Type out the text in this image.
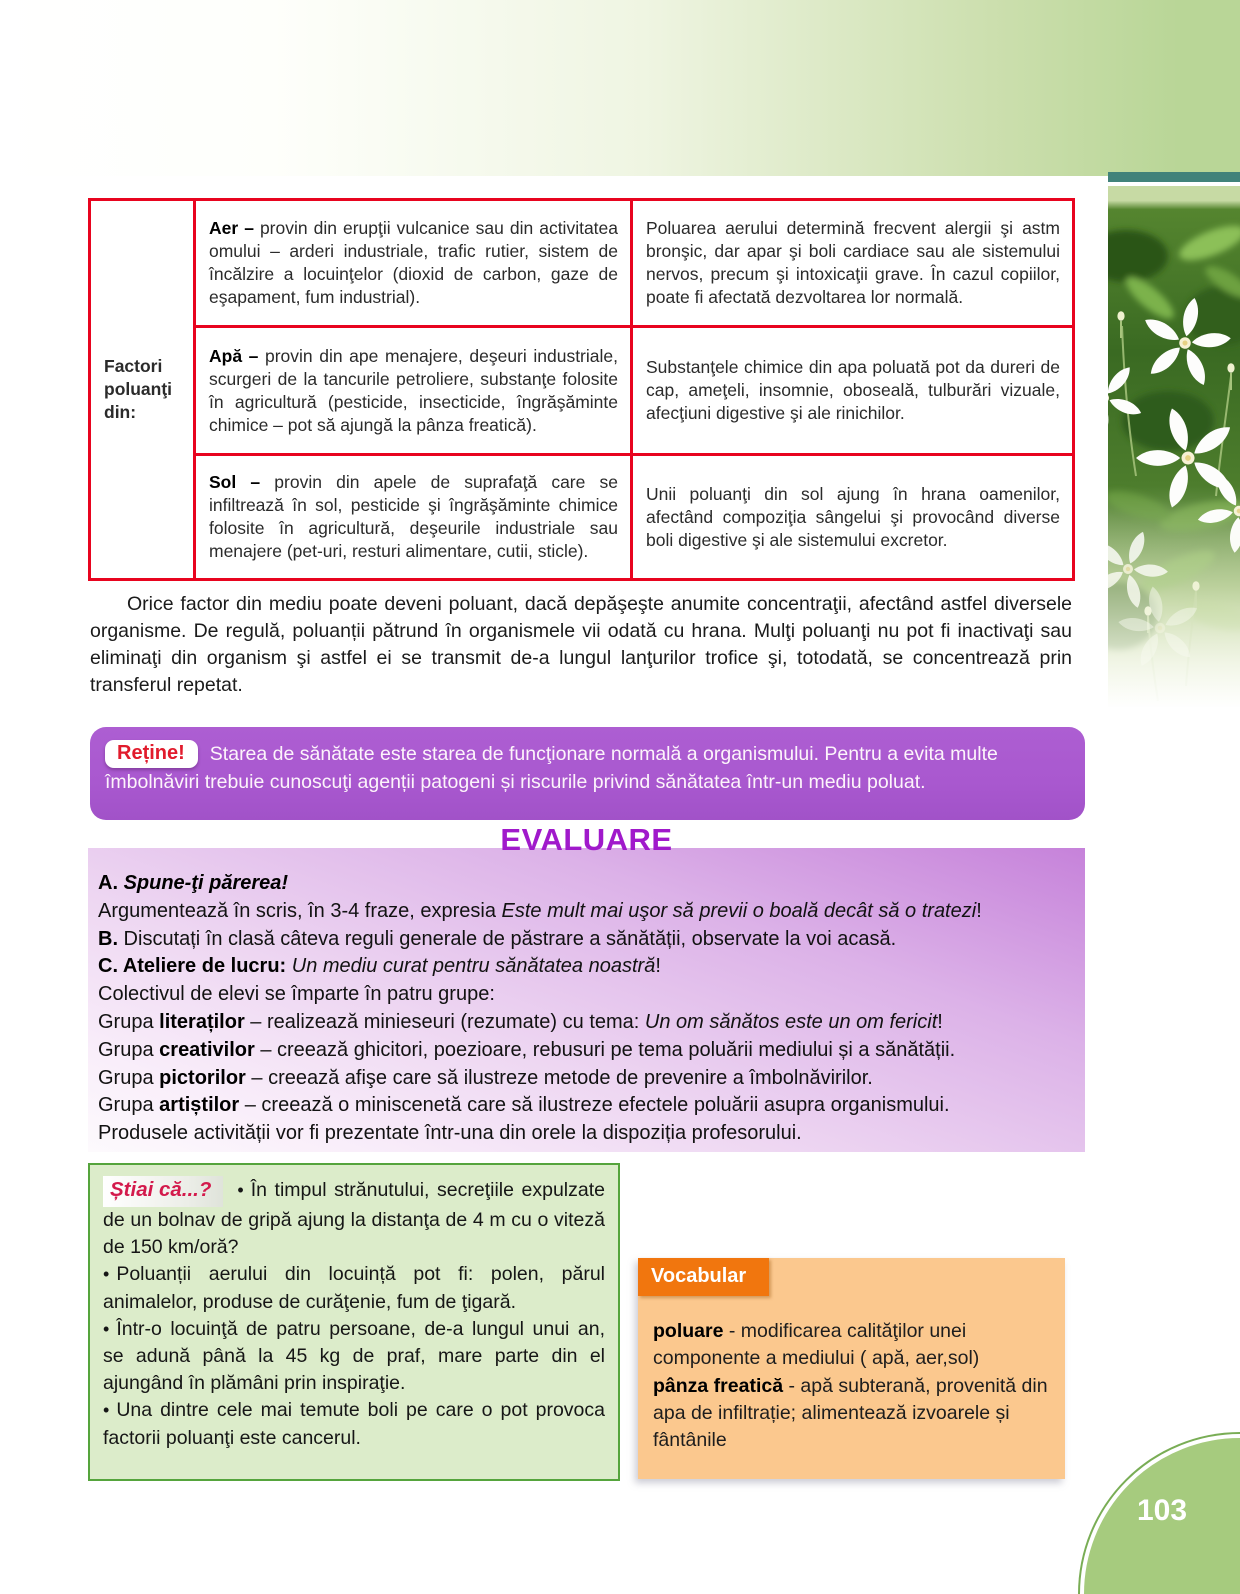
Factori poluanţi din:	Aer – provin din erupţii vulcanice sau din activitatea omului – arderi industriale, trafic rutier, sistem de încălzire a locuinţelor (dioxid de carbon, gaze de eşapament, fum industrial).	Poluarea aerului determină frecvent alergii şi astm bronşic, dar apar şi boli cardiace sau ale sistemului nervos, precum şi intoxicaţii grave. În cazul copiilor, poate fi afectată dezvoltarea lor normală.
	Apă – provin din ape menajere, deşeuri industriale, scurgeri de la tancurile petroliere, substanţe folosite în agricultură (pesticide, insecticide, îngrăşăminte chimice – pot să ajungă la pânza freatică).	Substanţele chimice din apa poluată pot da dureri de cap, ameţeli, insomnie, oboseală, tulburări vizuale, afecţiuni digestive şi ale rinichilor.
	Sol – provin din apele de suprafaţă care se infiltrează în sol, pesticide şi îngrăşăminte chimice folosite în agricultură, deşeurile industriale sau menajere (pet-uri, resturi alimentare, cutii, sticle).	Unii poluanţi din sol ajung în hrana oamenilor, afectând compoziţia sângelui şi provocând diverse boli digestive şi ale sistemului excretor.
Orice factor din mediu poate deveni poluant, dacă depăşeşte anumite concentraţii, afectând astfel diversele organisme. De regulă, poluanții pătrund în organismele vii odată cu hrana. Mulţi poluanţi nu pot fi inactivaţi sau eliminaţi din organism şi astfel ei se transmit de-a lungul lanţurilor trofice şi, totodată, se concentrează prin transferul repetat.
Reține! Starea de sănătate este starea de funcţionare normală a organismului. Pentru a evita multe îmbolnăviri trebuie cunoscuţi agenții patogeni și riscurile privind sănătatea într-un mediu poluat.
EVALUARE
A. Spune-ţi părerea!
Argumentează în scris, în 3-4 fraze, expresia Este mult mai uşor să previi o boală decât să o tratezi!
B. Discutați în clasă câteva reguli generale de păstrare a sănătății, observate la voi acasă.
C. Ateliere de lucru: Un mediu curat pentru sănătatea noastră!
Colectivul de elevi se împarte în patru grupe:
Grupa literaților – realizează minieseuri (rezumate) cu tema: Un om sănătos este un om fericit!
Grupa creativilor – creează ghicitori, poezioare, rebusuri pe tema poluării mediului și a sănătății.
Grupa pictorilor – creează afişe care să ilustreze metode de prevenire a îmbolnăvirilor.
Grupa artiștilor – creează o miniscenetă care să ilustreze efectele poluării asupra organismului.
Produsele activității vor fi prezentate într-una din orele la dispoziția profesorului.
Știai că...? • În timpul strănutului, secreţiile expulzate de un bolnav de gripă ajung la distanţa de 4 m cu o viteză de 150 km/oră?
• Poluanții aerului din locuință pot fi: polen, părul animalelor, produse de curăţenie, fum de ţigară.
• Într-o locuinţă de patru persoane, de-a lungul unui an, se adună până la 45 kg de praf, mare parte din el ajungând în plămâni prin inspiraţie.
• Una dintre cele mai temute boli pe care o pot provoca factorii poluanţi este cancerul.
Vocabular
poluare - modificarea calităţilor unei componente a mediului ( apă, aer,sol)
pânza freatică - apă subterană, provenită din apa de infiltrație; alimentează izvoarele și fântânile
103
